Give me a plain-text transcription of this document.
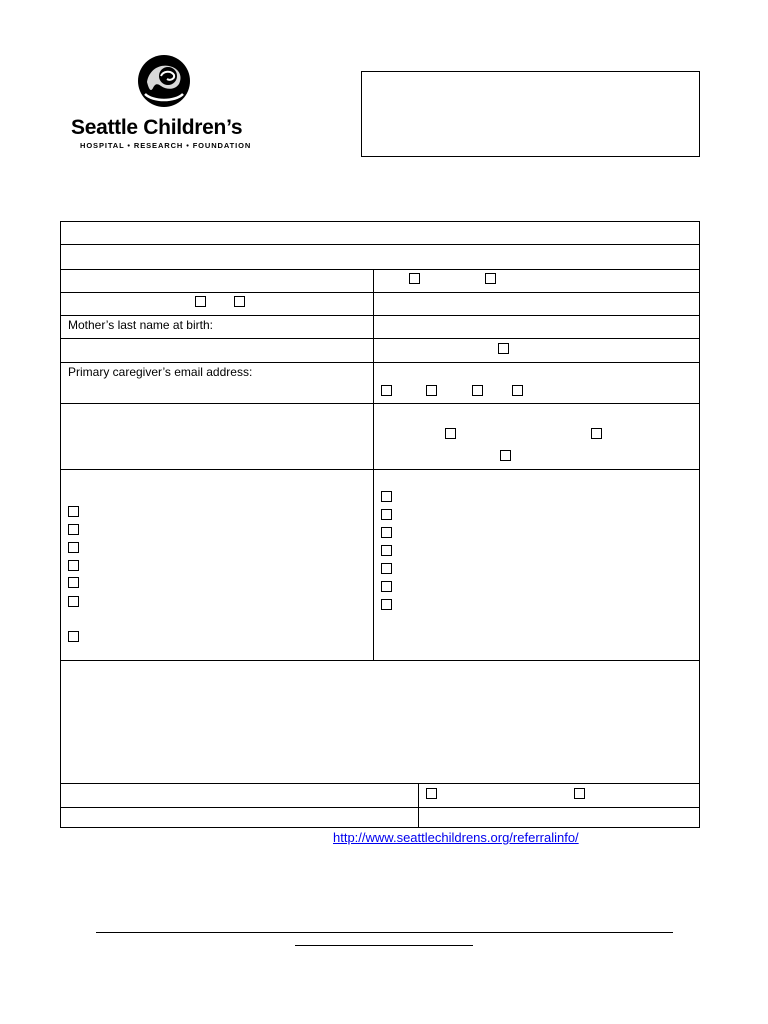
Seattle Children’s
HOSPITAL • RESEARCH • FOUNDATION
Mother’s last name at birth:
Primary caregiver’s email address:
http://www.seattlechildrens.org/referralinfo/
